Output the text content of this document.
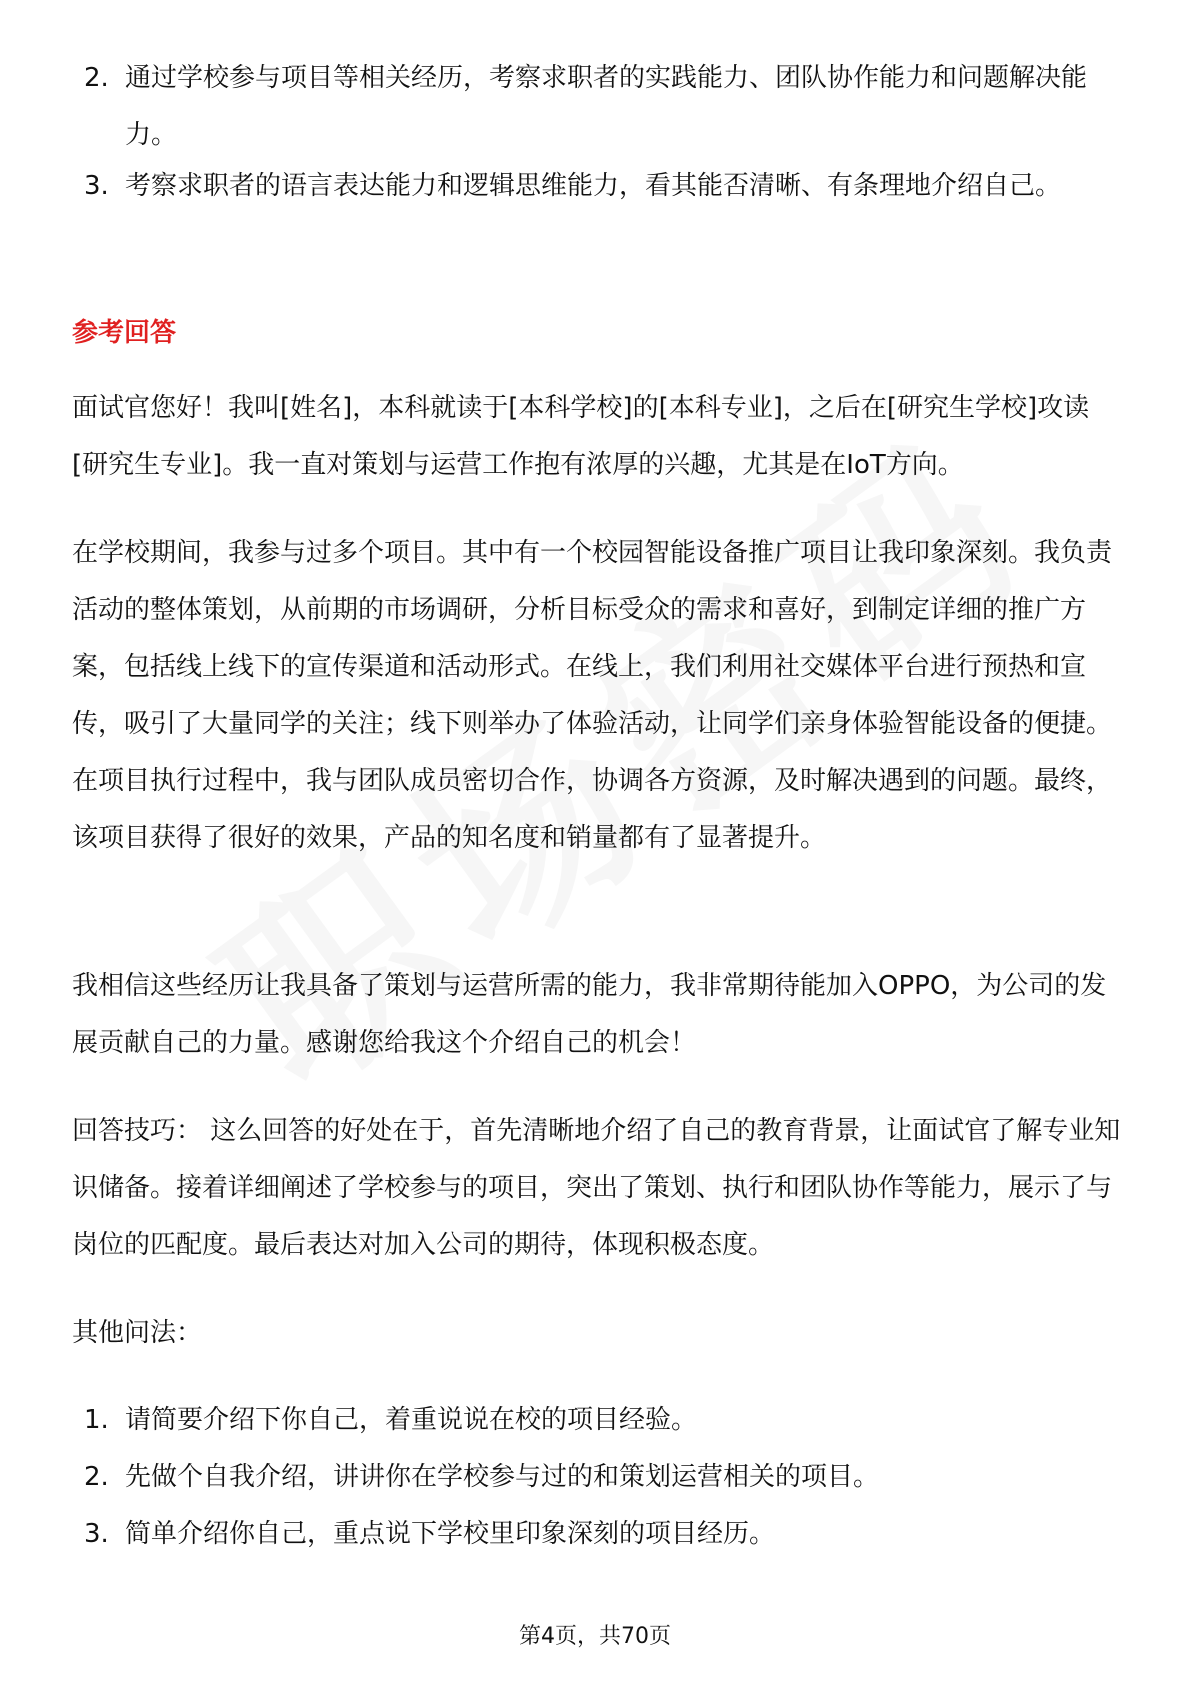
2. 通过学校参与项目等相关经历，考察求职者的实践能力、团队协作能力和问题解决能力。
3. 考察求职者的语言表达能力和逻辑思维能力，看其能否清晰、有条理地介绍自己。
参考回答

面试官您好！我叫[姓名]，本科就读于[本科学校]的[本科专业]，之后在[研究生学校]攻读[研究生专业]。我一直对策划与运营工作抱有浓厚的兴趣，尤其是在IoT方向。

在学校期间，我参与过多个项目。其中有一个校园智能设备推广项目让我印象深刻。我负责活动的整体策划，从前期的市场调研，分析目标受众的需求和喜好，到制定详细的推广方案，包括线上线下的宣传渠道和活动形式。在线上，我们利用社交媒体平台进行预热和宣传，吸引了大量同学的关注；线下则举办了体验活动，让同学们亲身体验智能设备的便捷。在项目执行过程中，我与团队成员密切合作，协调各方资源，及时解决遇到的问题。最终，该项目获得了很好的效果，产品的知名度和销量都有了显著提升。

我相信这些经历让我具备了策划与运营所需的能力，我非常期待能加入OPPO，为公司的发展贡献自己的力量。感谢您给我这个介绍自己的机会！

回答技巧： 这么回答的好处在于，首先清晰地介绍了自己的教育背景，让面试官了解专业知识储备。接着详细阐述了学校参与的项目，突出了策划、执行和团队协作等能力，展示了与岗位的匹配度。最后表达对加入公司的期待，体现积极态度。

其他问法：
1. 请简要介绍下你自己，着重说说在校的项目经验。
2. 先做个自我介绍，讲讲你在学校参与过的和策划运营相关的项目。
3. 简单介绍你自己，重点说下学校里印象深刻的项目经历。
第4页，共70页
